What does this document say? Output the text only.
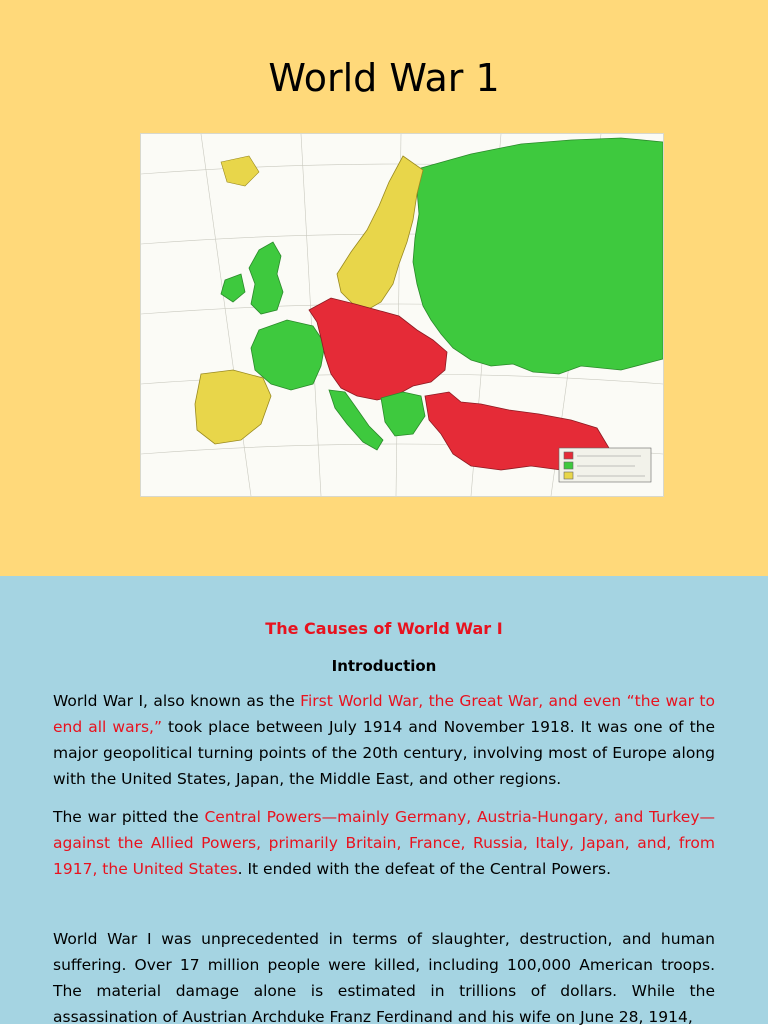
World War 1
The Causes of World War I
Introduction

World War I, also known as the First World War, the Great War, and even “the war to end all wars,” took place between July 1914 and November 1918. It was one of the major geopolitical turning points of the 20th century, involving most of Europe along with the United States, Japan, the Middle East, and other regions.

The war pitted the Central Powers—mainly Germany, Austria-Hungary, and Turkey—against the Allied Powers, primarily Britain, France, Russia, Italy, Japan, and, from 1917, the United States. It ended with the defeat of the Central Powers.

World War I was unprecedented in terms of slaughter, destruction, and human suffering. Over 17 million people were killed, including 100,000 American troops. The material damage alone is estimated in trillions of dollars. While the assassination of Austrian Archduke Franz Ferdinand and his wife on June 28, 1914,
